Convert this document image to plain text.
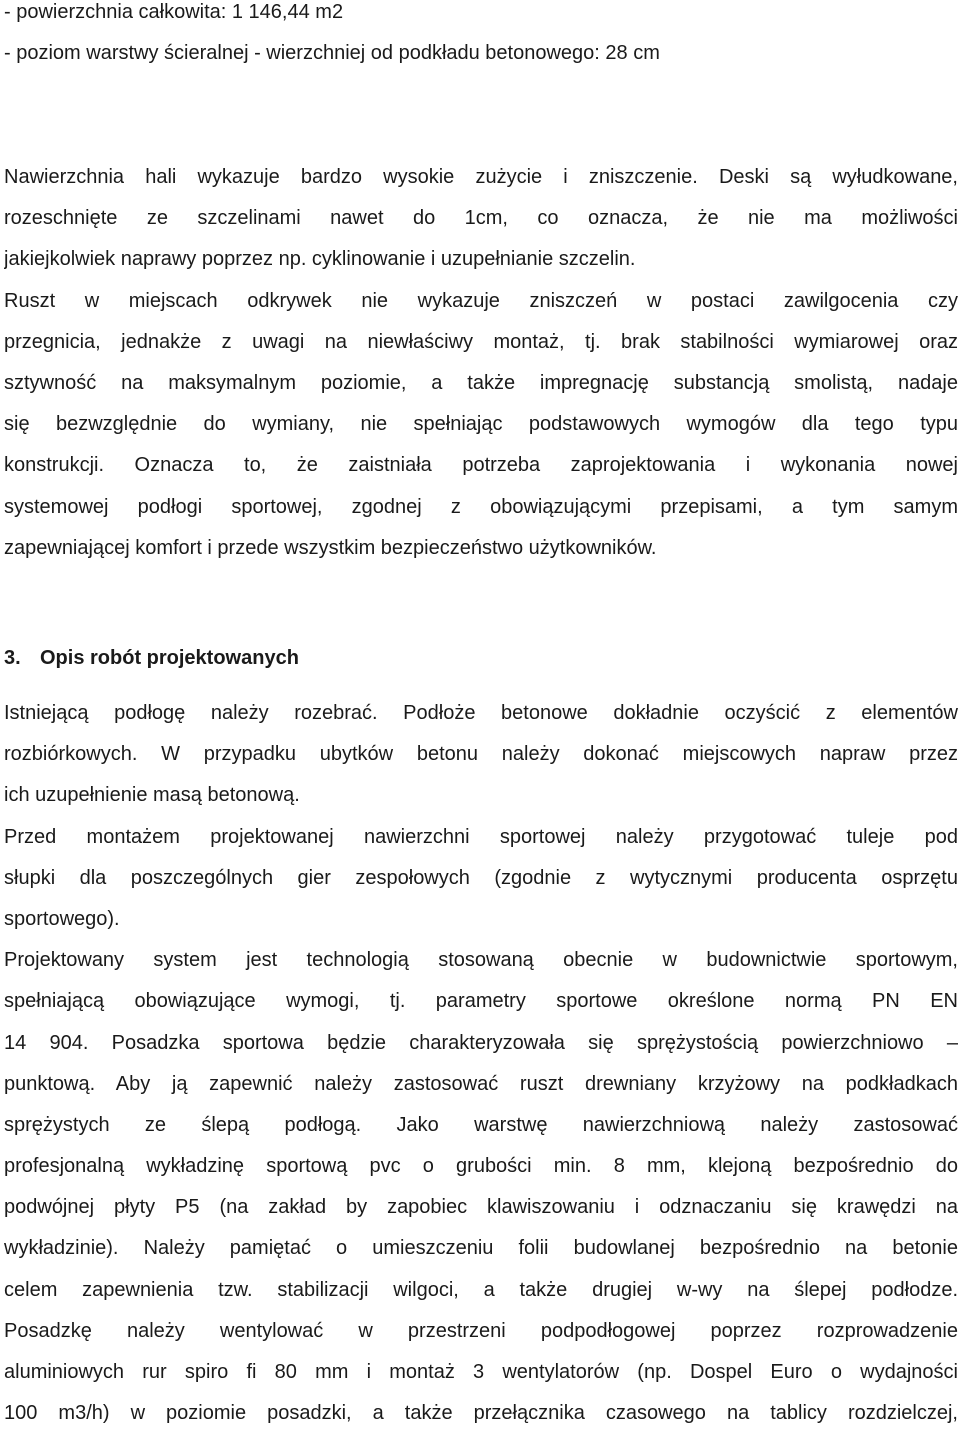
- powierzchnia całkowita: 1 146,44 m2
- poziom warstwy ścieralnej - wierzchniej od podkładu betonowego: 28 cm
Nawierzchnia hali wykazuje bardzo wysokie zużycie i zniszczenie. Deski są wyłudkowane,
rozeschnięte ze szczelinami nawet do 1cm, co oznacza, że nie ma możliwości
jakiejkolwiek naprawy poprzez np. cyklinowanie i uzupełnianie szczelin.
Ruszt w miejscach odkrywek nie wykazuje zniszczeń w postaci zawilgocenia czy
przegnicia, jednakże z uwagi na niewłaściwy montaż, tj. brak stabilności wymiarowej oraz
sztywność na maksymalnym poziomie, a także impregnację substancją smolistą, nadaje
się bezwzględnie do wymiany, nie spełniając podstawowych wymogów dla tego typu
konstrukcji. Oznacza to, że zaistniała potrzeba zaprojektowania i wykonania nowej
systemowej podłogi sportowej, zgodnej z obowiązującymi przepisami, a tym samym
zapewniającej komfort i przede wszystkim bezpieczeństwo użytkowników.
3. Opis robót projektowanych
Istniejącą podłogę należy rozebrać. Podłoże betonowe dokładnie oczyścić z elementów
rozbiórkowych. W przypadku ubytków betonu należy dokonać miejscowych napraw przez
ich uzupełnienie masą betonową.
Przed montażem projektowanej nawierzchni sportowej należy przygotować tuleje pod
słupki dla poszczególnych gier zespołowych (zgodnie z wytycznymi producenta osprzętu
sportowego).
Projektowany system jest technologią stosowaną obecnie w budownictwie sportowym,
spełniającą obowiązujące wymogi, tj. parametry sportowe określone normą PN EN
14 904. Posadzka sportowa będzie charakteryzowała się sprężystością powierzchniowo –
punktową. Aby ją zapewnić należy zastosować ruszt drewniany krzyżowy na podkładkach
sprężystych ze ślepą podłogą. Jako warstwę nawierzchniową należy zastosować
profesjonalną wykładzinę sportową pvc o grubości min. 8 mm, klejoną bezpośrednio do
podwójnej płyty P5 (na zakład by zapobiec klawiszowaniu i odznaczaniu się krawędzi na
wykładzinie). Należy pamiętać o umieszczeniu folii budowlanej bezpośrednio na betonie
celem zapewnienia tzw. stabilizacji wilgoci, a także drugiej w-wy na ślepej podłodze.
Posadzkę należy wentylować w przestrzeni podpodłogowej poprzez rozprowadzenie
aluminiowych rur spiro fi 80 mm i montaż 3 wentylatorów (np. Dospel Euro o wydajności
100 m3/h) w poziomie posadzki, a także przełącznika czasowego na tablicy rozdzielczej,
